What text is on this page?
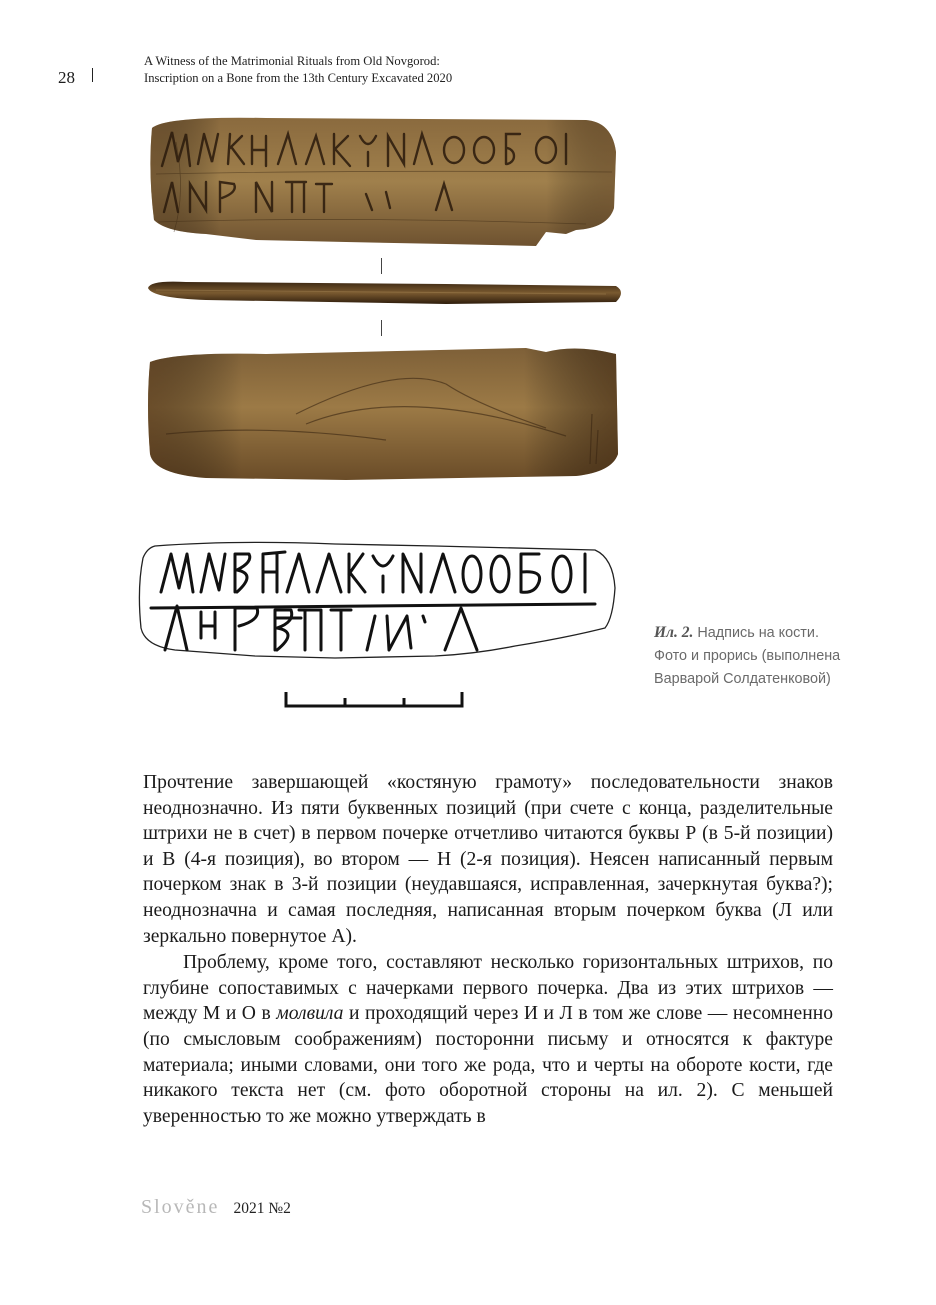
28
A Witness of the Matrimonial Rituals from Old Novgorod:
Inscription on a Bone from the 13th Century Excavated 2020
Ил. 2. Надпись на кости. Фото и прорись (выполнена Варварой Солдатенковой)

Прочтение завершающей «костяную грамоту» последовательности знаков неоднозначно. Из пяти буквенных позиций (при счете с конца, разделительные штрихи не в счет) в первом почерке отчетливо читаются буквы Р (в 5-й позиции) и В (4-я позиция), во втором — Н (2-я позиция). Неясен написанный первым почерком знак в 3-й позиции (неудавшаяся, исправленная, зачеркнутая буква?); неоднозначна и самая последняя, написанная вторым почерком буква (Л или зеркально повернутое А).

Проблему, кроме того, составляют несколько горизонтальных штрихов, по глубине сопоставимых с начерками первого почерка. Два из этих штрихов — между М и О в молвила и проходящий через И и Л в том же слове — несомненно (по смысловым соображениям) посторонни письму и относятся к фактуре материала; иными словами, они того же рода, что и черты на обороте кости, где никакого текста нет (см. фото оборотной стороны на ил. 2). С меньшей уверенностью то же можно утверждать в

Slověne 2021 №2
